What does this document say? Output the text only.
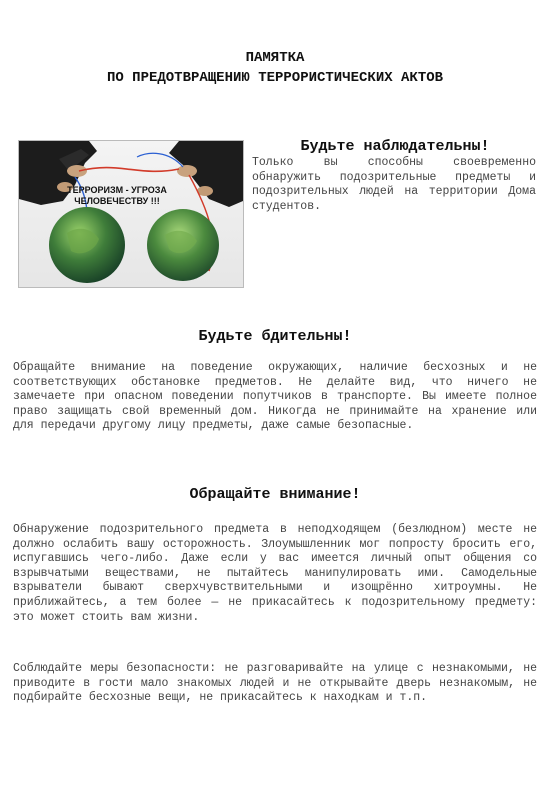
ПАМЯТКА
ПО ПРЕДОТВРАЩЕНИЮ ТЕРРОРИСТИЧЕСКИХ АКТОВ
ТЕРРОРИЗМ - УГРОЗА
ЧЕЛОВЕЧЕСТВУ !!!
Будьте наблюдательны!
Только вы способны своевременно обнаружить подозрительные предметы и подозрительных людей на территории Дома студентов.
Будьте бдительны!
Обращайте внимание на поведение окружающих, наличие бесхозных и не соответствующих обстановке предметов. Не делайте вид, что ничего не замечаете при опасном поведении попутчиков в транспорте. Вы имеете полное право защищать свой временный дом. Никогда не принимайте на хранение или для передачи другому лицу предметы, даже самые безопасные.
Обращайте внимание!
Обнаружение подозрительного предмета в неподходящем (безлюдном) месте не должно ослабить вашу осторожность. Злоумышленник мог попросту бросить его, испугавшись чего-либо. Даже если у вас имеется личный опыт общения со взрывчатыми веществами, не пытайтесь манипулировать ими. Самодельные взрыватели бывают сверхчувствительными и изощрённо хитроумны. Не приближайтесь, а тем более — не прикасайтесь к подозрительному предмету: это может стоить вам жизни.
Соблюдайте меры безопасности: не разговаривайте на улице с незнакомыми, не приводите в гости мало знакомых людей и не открывайте дверь незнакомым, не подбирайте бесхозные вещи, не прикасайтесь к находкам и т.п.
